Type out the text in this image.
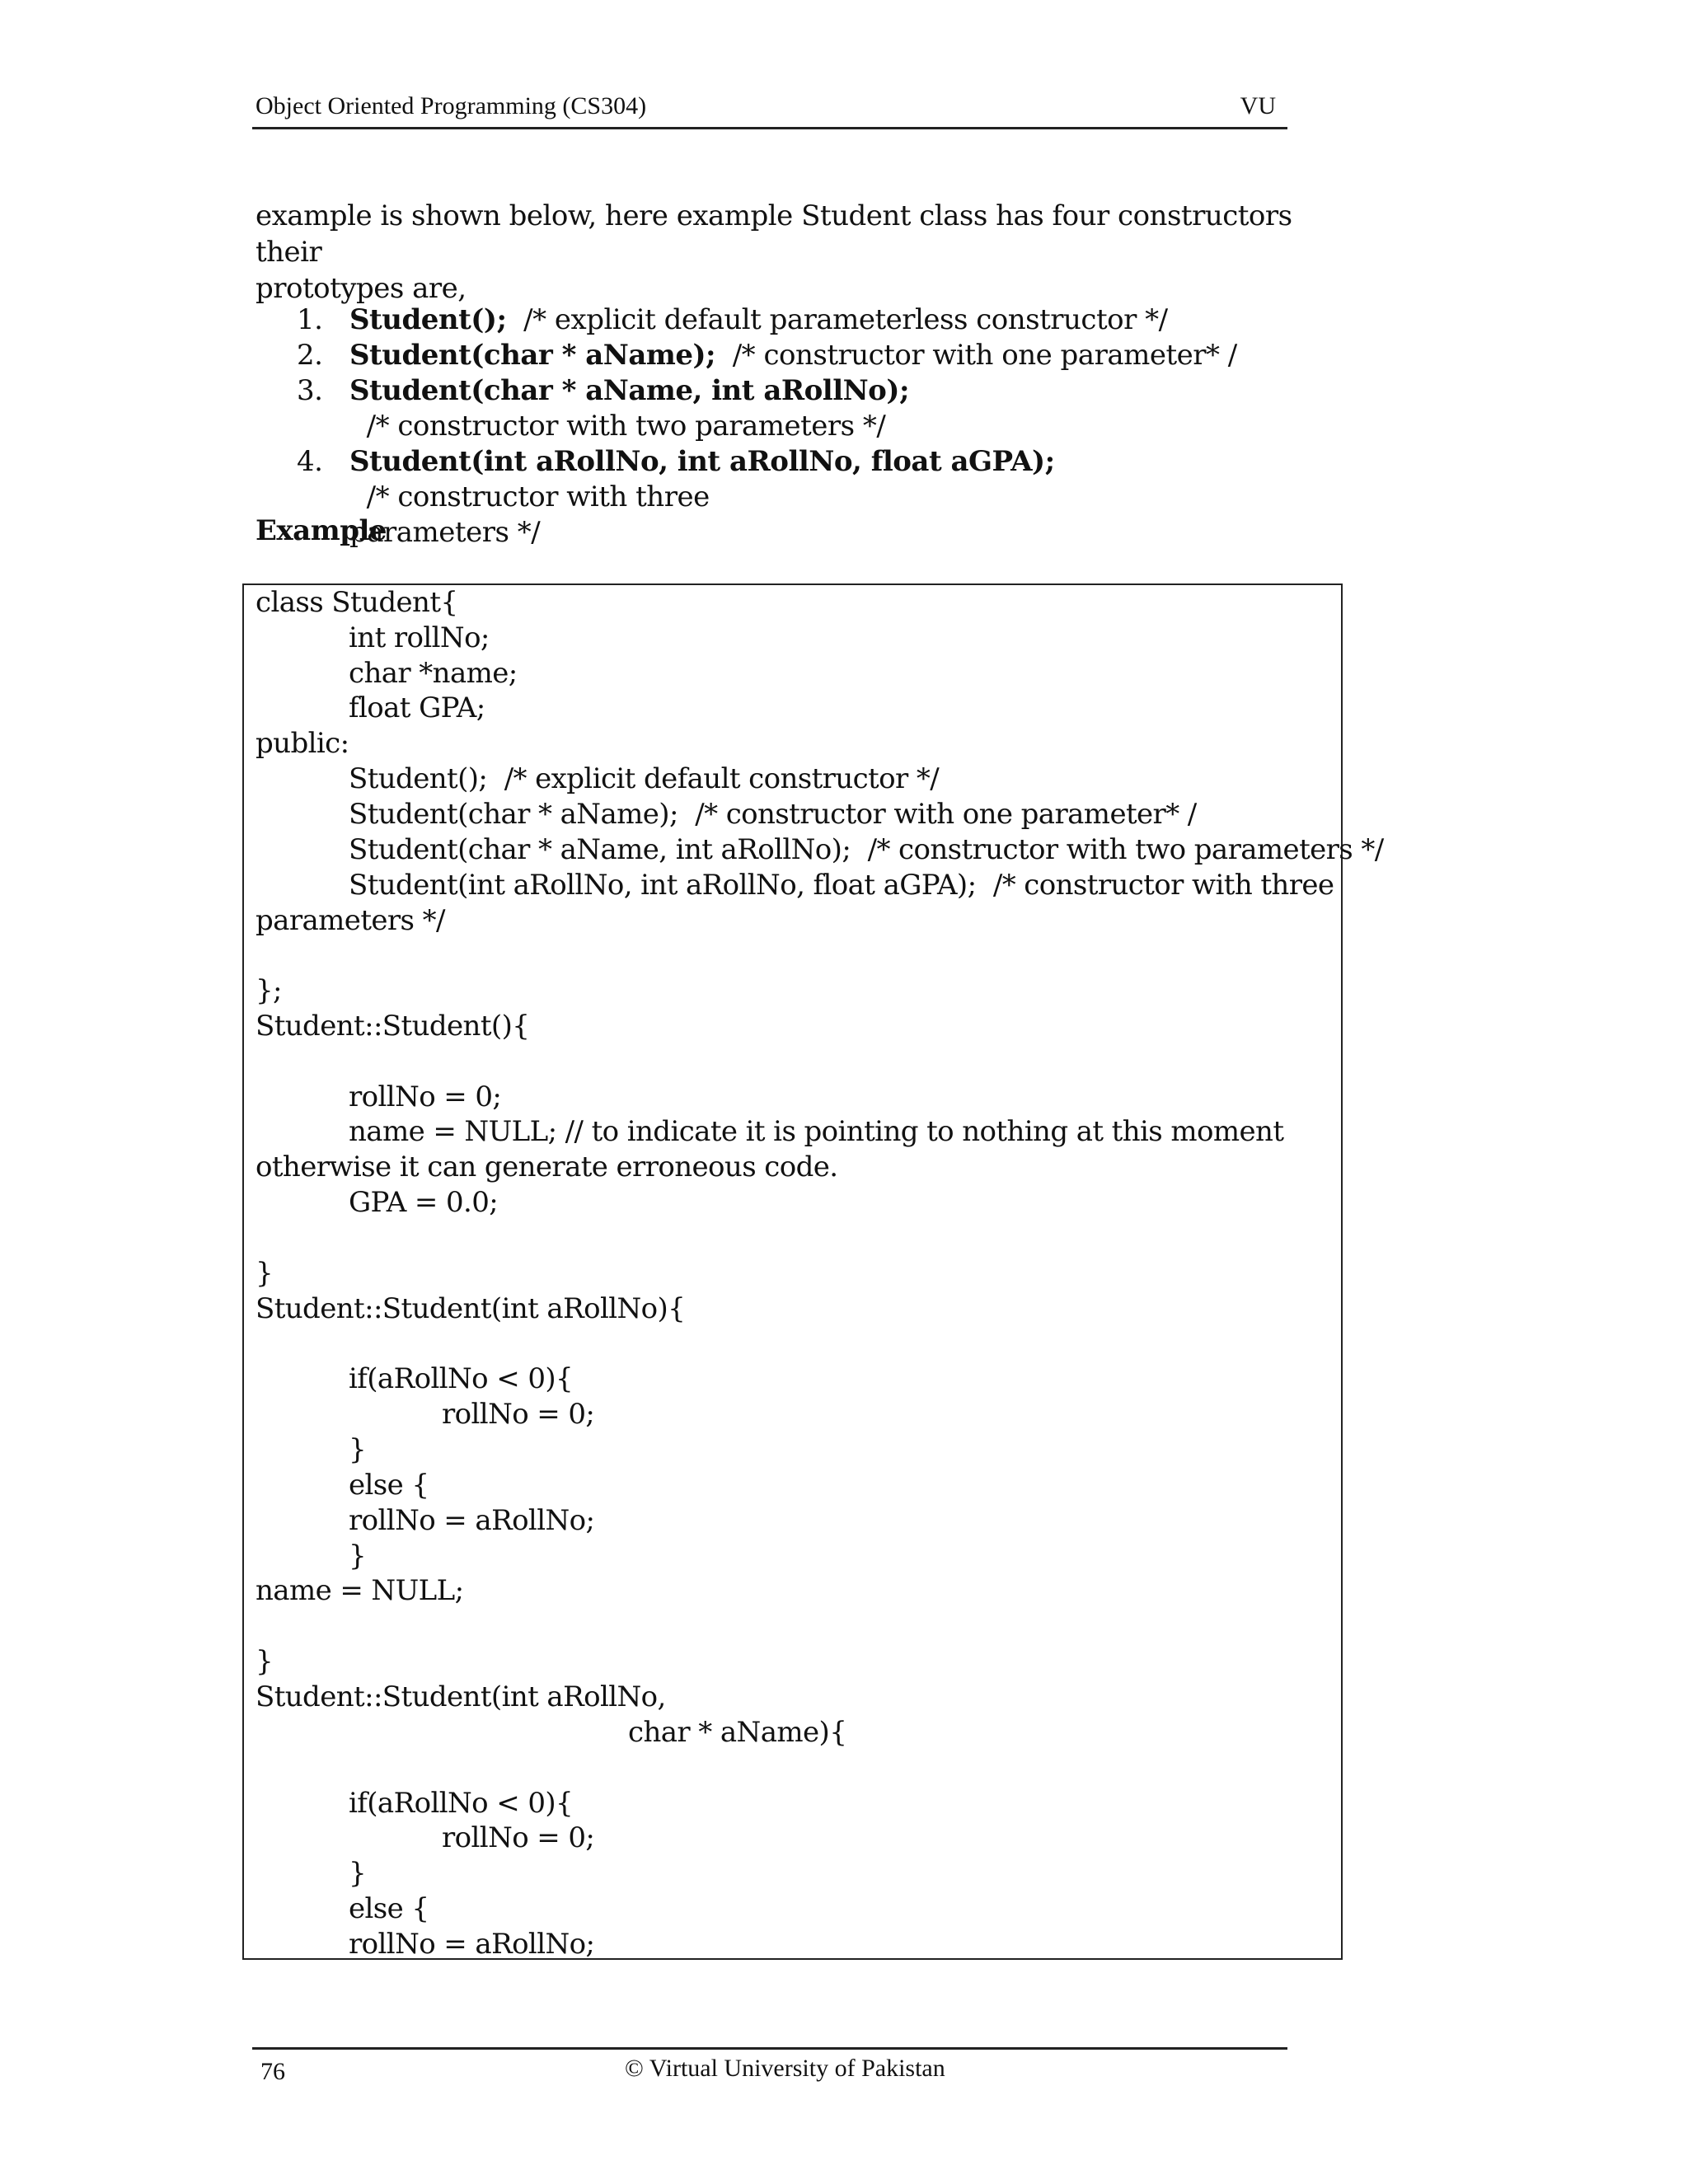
Object Oriented Programming (CS304)	VU
example is shown below, here example Student class has four constructors their
prototypes are,
1. Student();  /* explicit default parameterless constructor */
2. Student(char * aName);  /* constructor with one parameter* /
3. Student(char * aName, int aRollNo);  /* constructor with two parameters */
4. Student(int aRollNo, int aRollNo, float aGPA);  /* constructor with three
parameters */
Example
class Student{
int rollNo;
char *name;
float GPA;
public:
Student();  /* explicit default constructor */
Student(char * aName);  /* constructor with one parameter* /
Student(char * aName, int aRollNo);  /* constructor with two parameters */
Student(int aRollNo, int aRollNo, float aGPA);  /* constructor with three
parameters */
};
Student::Student(){
rollNo = 0;
name = NULL; // to indicate it is pointing to nothing at this moment
otherwise it can generate erroneous code.
GPA = 0.0;
}
Student::Student(int aRollNo){
if(aRollNo < 0){
rollNo = 0;
}
else {
rollNo = aRollNo;
}
name = NULL;
}
Student::Student(int aRollNo,
char * aName){
if(aRollNo < 0){
rollNo = 0;
}
else {
rollNo = aRollNo;
76	© Virtual University of Pakistan
